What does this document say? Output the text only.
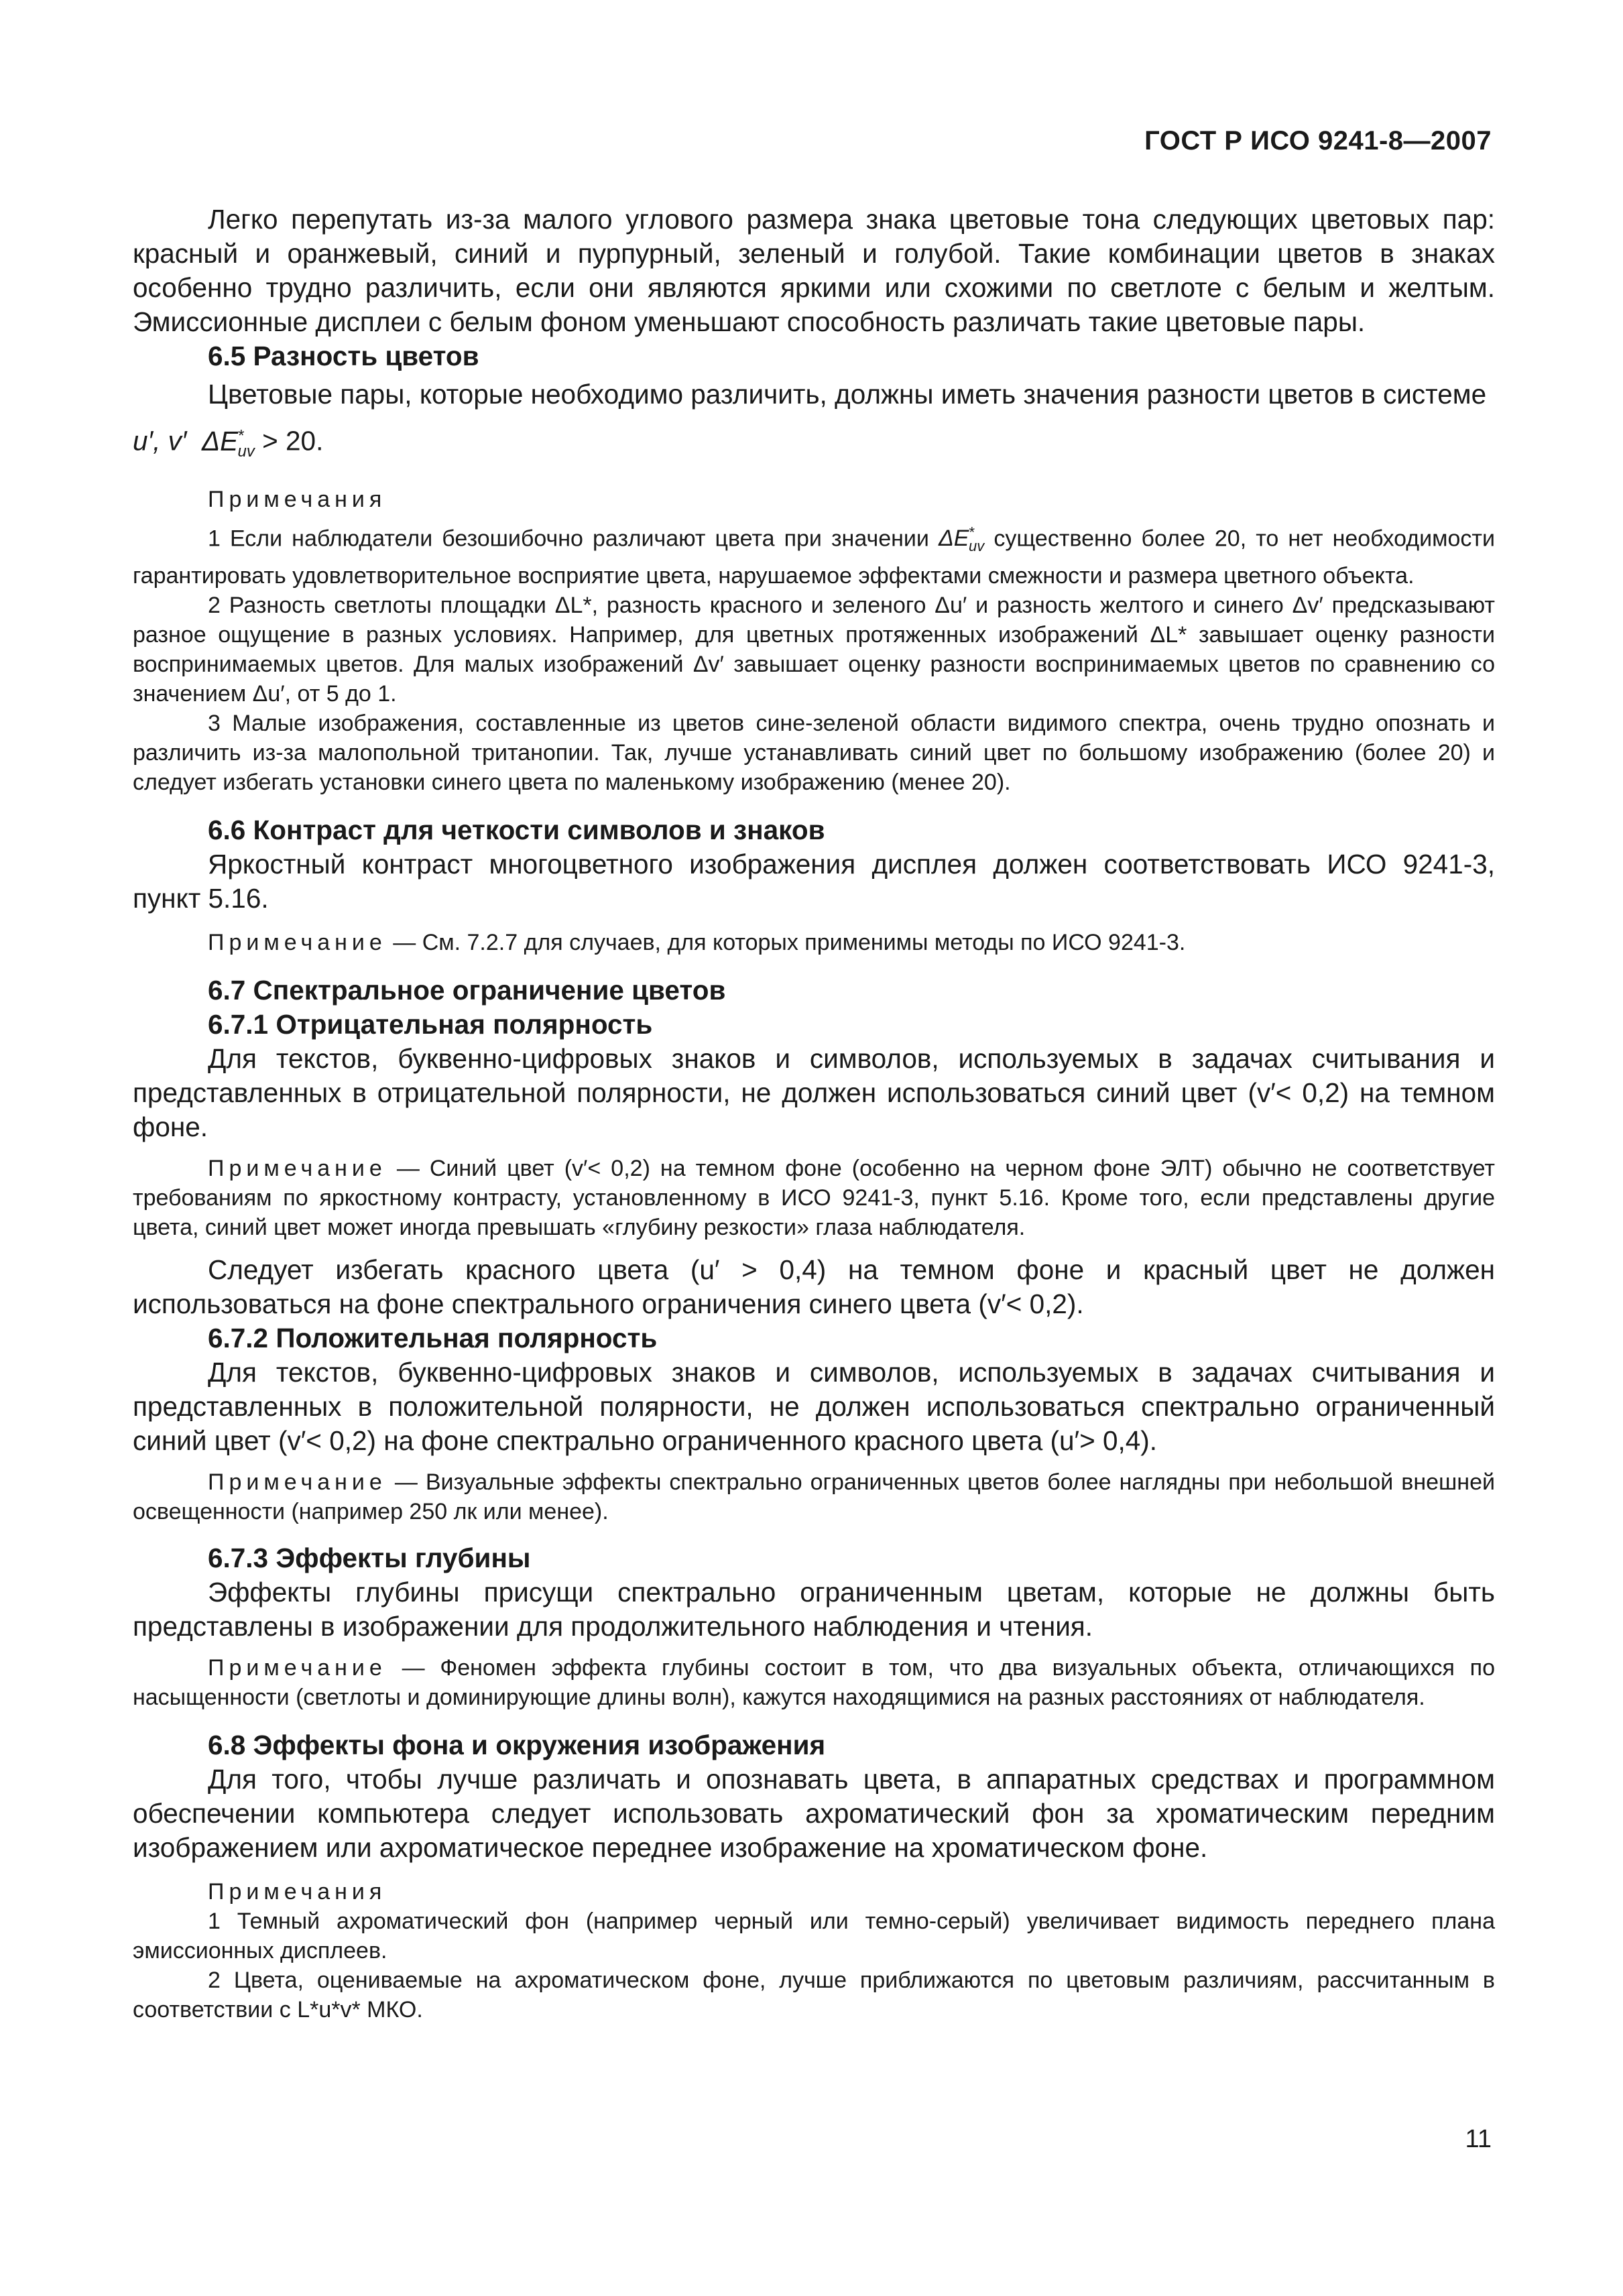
ГОСТ Р ИСО 9241-8—2007

Легко перепутать из-за малого углового размера знака цветовые тона следующих цветовых пар: красный и оранжевый, синий и пурпурный, зеленый и голубой. Такие комбинации цветов в знаках особенно трудно различить, если они являются яркими или схожими по светлоте с белым и желтым. Эмиссионные дисплеи с белым фоном уменьшают способность различать такие цветовые пары.

6.5 Разность цветов

Цветовые пары, которые необходимо различить, должны иметь значения разности цветов в системе
u′, v′ $\Delta E^*_{uv} > 20$.

Примечания

1 Если наблюдатели безошибочно различают цвета при значении $\Delta E^*_{uv}$ существенно более 20, то нет необходимости гарантировать удовлетворительное восприятие цвета, нарушаемое эффектами смежности и размера цветного объекта.

2 Разность светлоты площадки ΔL*, разность красного и зеленого Δu′ и разность желтого и синего Δv′ предсказывают разное ощущение в разных условиях. Например, для цветных протяженных изображений ΔL* завышает оценку разности воспринимаемых цветов. Для малых изображений Δv′ завышает оценку разности воспринимаемых цветов по сравнению со значением Δu′, от 5 до 1.

3 Малые изображения, составленные из цветов сине-зеленой области видимого спектра, очень трудно опознать и различить из-за малопольной тританопии. Так, лучше устанавливать синий цвет по большому изображению (более 20) и следует избегать установки синего цвета по маленькому изображению (менее 20).

6.6 Контраст для четкости символов и знаков

Яркостный контраст многоцветного изображения дисплея должен соответствовать ИСО 9241-3, пункт 5.16.

Примечание — См. 7.2.7 для случаев, для которых применимы методы по ИСО 9241-3.

6.7 Спектральное ограничение цветов

6.7.1 Отрицательная полярность

Для текстов, буквенно-цифровых знаков и символов, используемых в задачах считывания и представленных в отрицательной полярности, не должен использоваться синий цвет (v′< 0,2) на темном фоне.

Примечание — Синий цвет (v′< 0,2) на темном фоне (особенно на черном фоне ЭЛТ) обычно не соответствует требованиям по яркостному контрасту, установленному в ИСО 9241-3, пункт 5.16. Кроме того, если представлены другие цвета, синий цвет может иногда превышать «глубину резкости» глаза наблюдателя.

Следует избегать красного цвета (u′ > 0,4) на темном фоне и красный цвет не должен использоваться на фоне спектрального ограничения синего цвета (v′< 0,2).

6.7.2 Положительная полярность

Для текстов, буквенно-цифровых знаков и символов, используемых в задачах считывания и представленных в положительной полярности, не должен использоваться спектрально ограниченный синий цвет (v′< 0,2) на фоне спектрально ограниченного красного цвета (u′> 0,4).

Примечание — Визуальные эффекты спектрально ограниченных цветов более наглядны при небольшой внешней освещенности (например 250 лк или менее).

6.7.3 Эффекты глубины

Эффекты глубины присущи спектрально ограниченным цветам, которые не должны быть представлены в изображении для продолжительного наблюдения и чтения.

Примечание — Феномен эффекта глубины состоит в том, что два визуальных объекта, отличающихся по насыщенности (светлоты и доминирующие длины волн), кажутся находящимися на разных расстояниях от наблюдателя.

6.8 Эффекты фона и окружения изображения

Для того, чтобы лучше различать и опознавать цвета, в аппаратных средствах и программном обеспечении компьютера следует использовать ахроматический фон за хроматическим передним изображением или ахроматическое переднее изображение на хроматическом фоне.

Примечания

1 Темный ахроматический фон (например черный или темно-серый) увеличивает видимость переднего плана эмиссионных дисплеев.

2 Цвета, оцениваемые на ахроматическом фоне, лучше приближаются по цветовым различиям, рассчитанным в соответствии с L*u*v* МКО.

11
